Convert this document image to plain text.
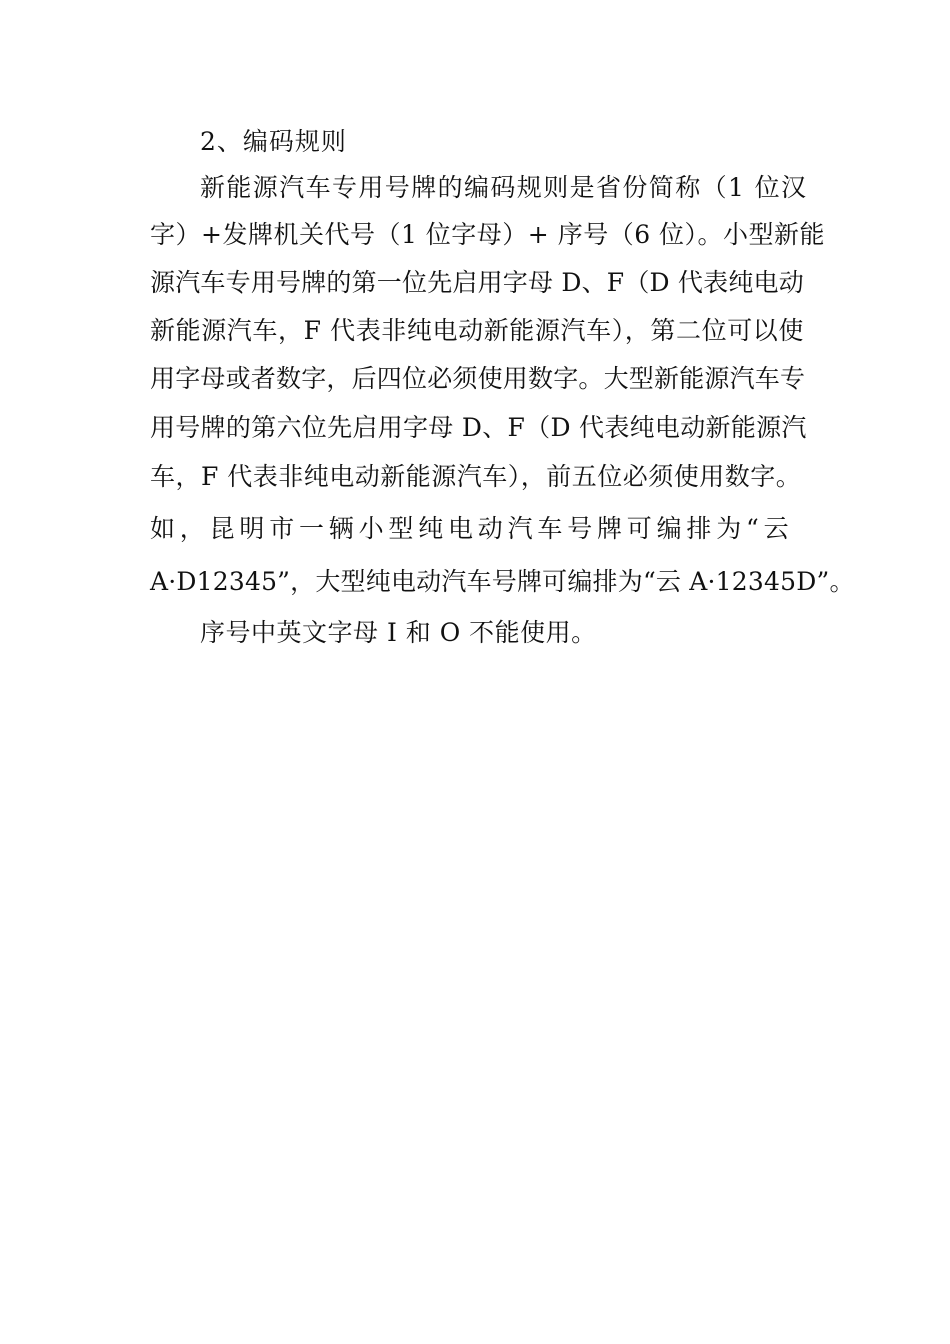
2、编码规则
新能源汽车专用号牌的编码规则是省份简称（1 位汉
字）+发牌机关代号（1 位字母）+ 序号（6 位）。小型新能
源汽车专用号牌的第一位先启用字母 D、F（D 代表纯电动
新能源汽车，F 代表非纯电动新能源汽车），第二位可以使
用字母或者数字，后四位必须使用数字。大型新能源汽车专
用号牌的第六位先启用字母 D、F（D 代表纯电动新能源汽
车，F 代表非纯电动新能源汽车），前五位必须使用数字。
如，昆明市一辆小型纯电动汽车号牌可编排为“云
A·D12345”，大型纯电动汽车号牌可编排为“云 A·12345D”。
序号中英文字母 I 和 O 不能使用。
